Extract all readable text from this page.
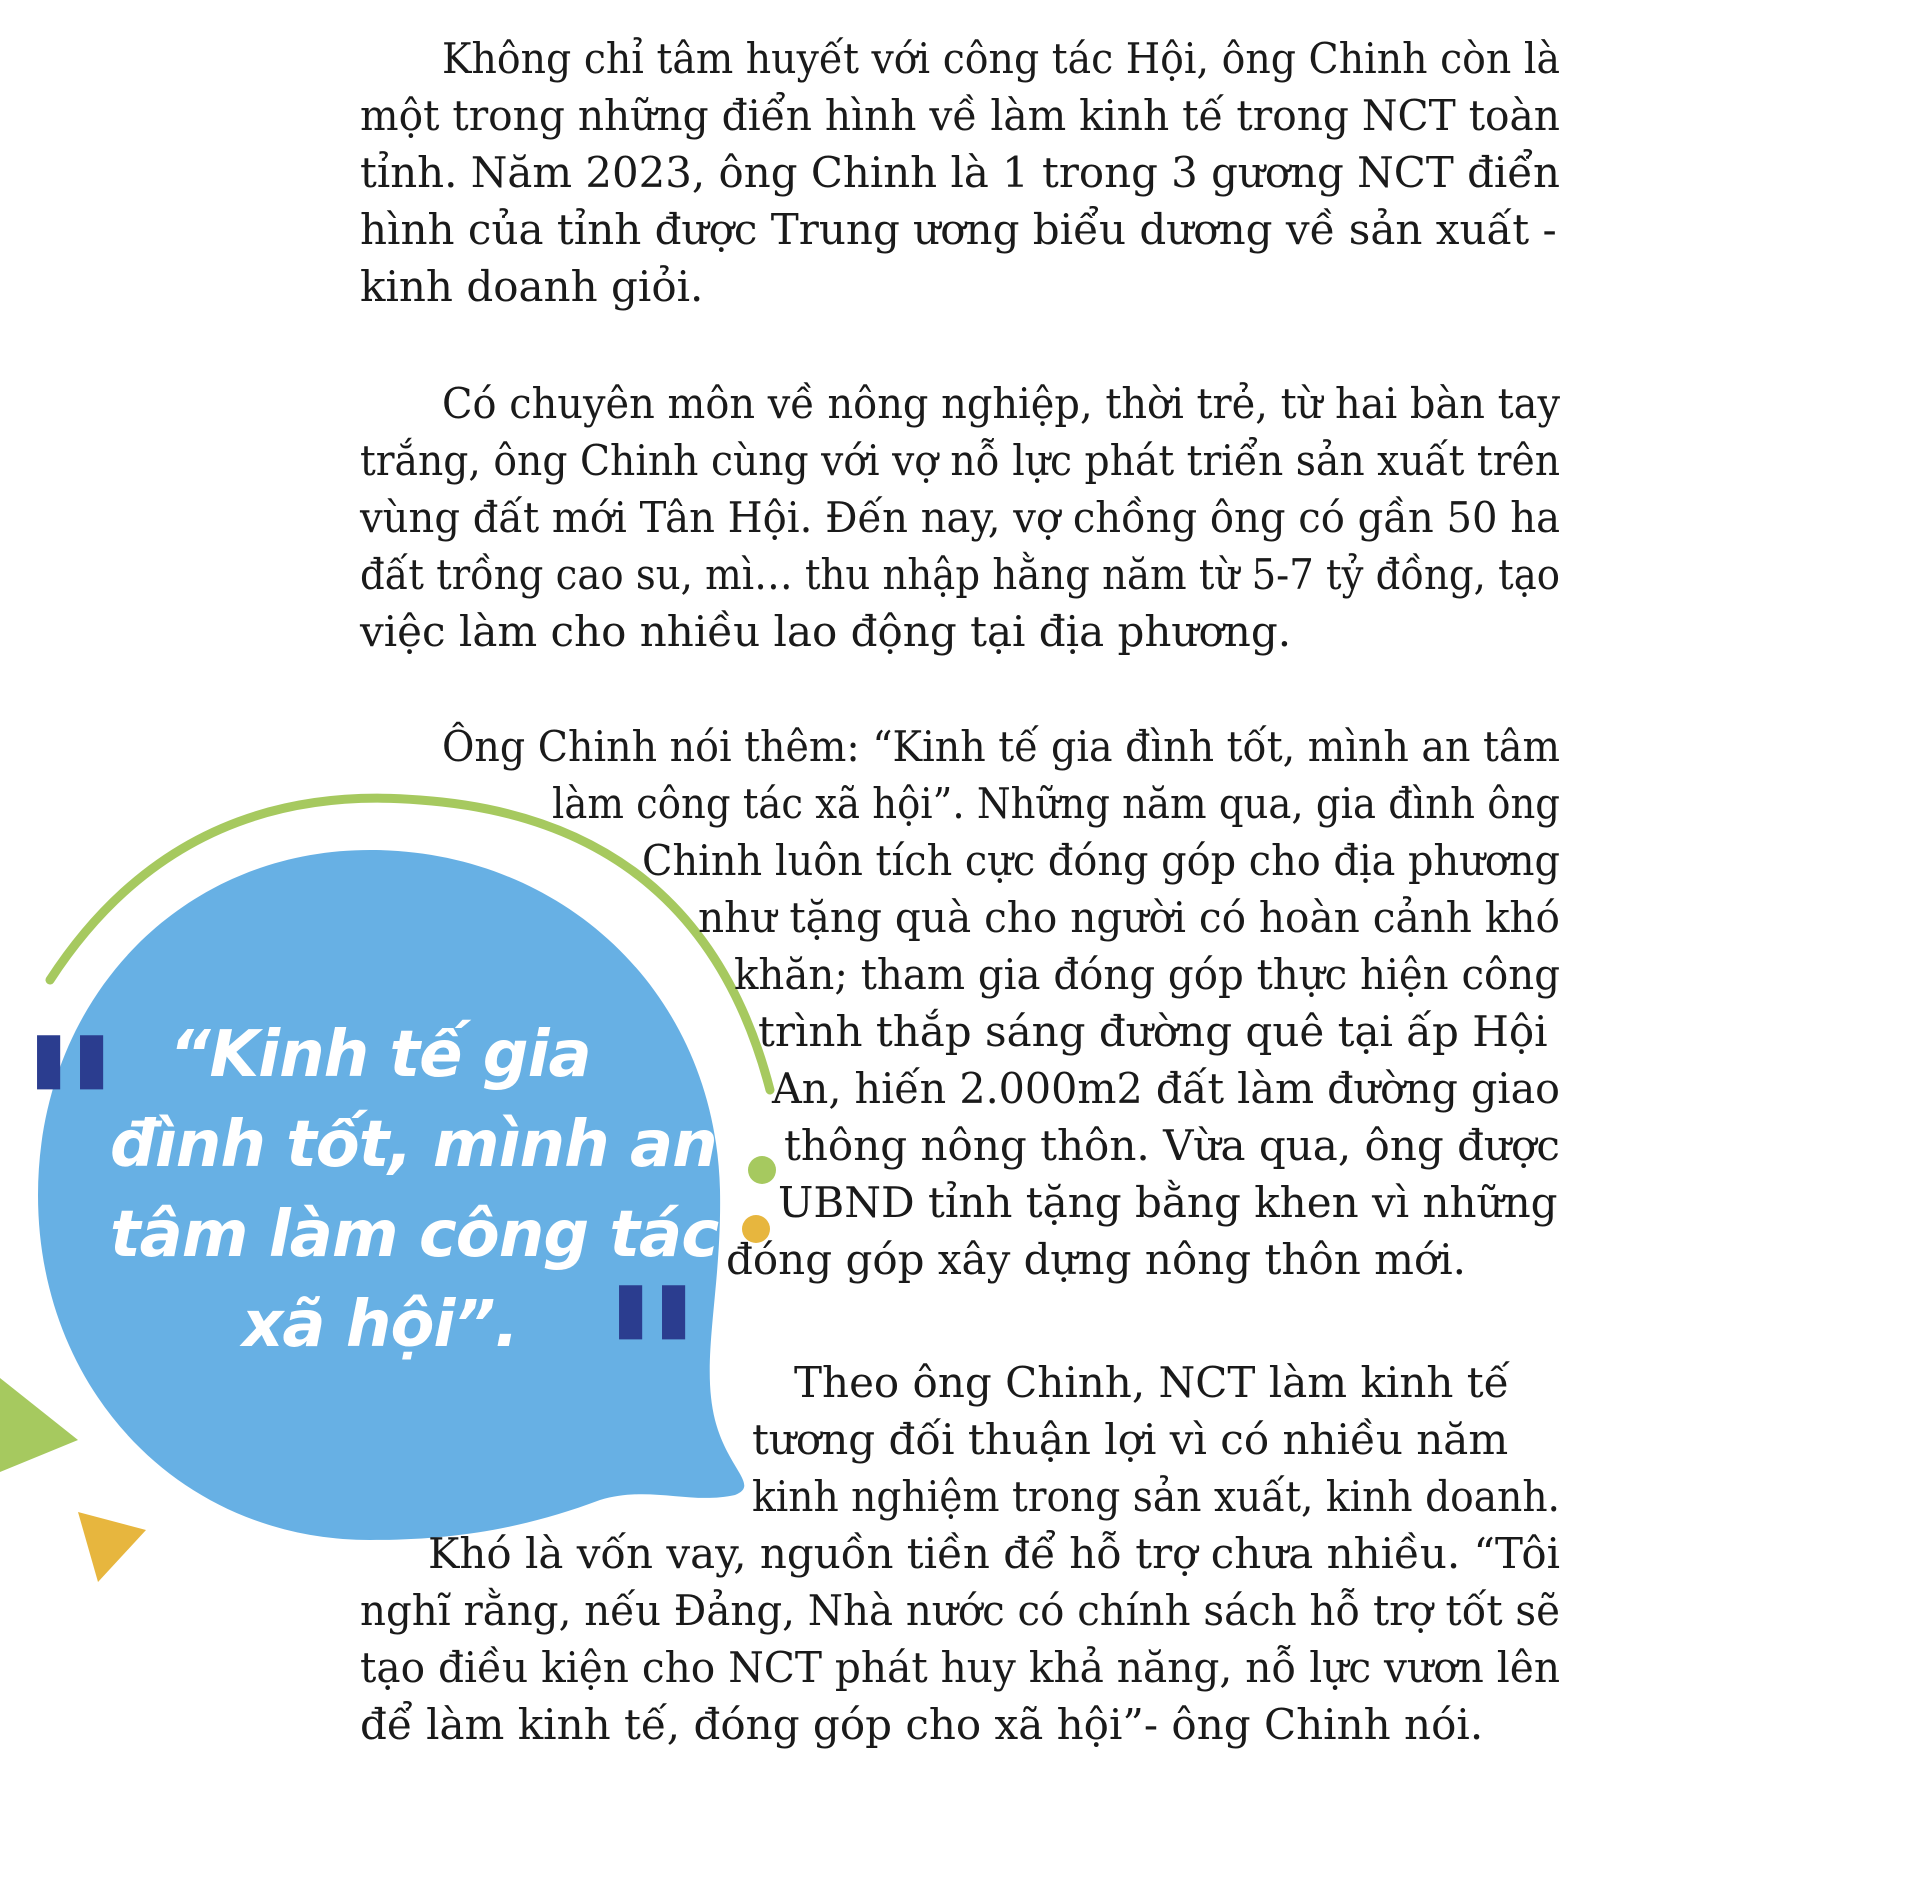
"
"
“Kinh tế gia
đình tốt, mình an
tâm làm công tác
xã hội”.
Không chỉ tâm huyết với công tác Hội, ông Chinh còn là
một trong những điển hình về làm kinh tế trong NCT toàn
tỉnh. Năm 2023, ông Chinh là 1 trong 3 gương NCT điển
hình của tỉnh được Trung ương biểu dương về sản xuất -
kinh doanh giỏi.
Có chuyên môn về nông nghiệp, thời trẻ, từ hai bàn tay
trắng, ông Chinh cùng với vợ nỗ lực phát triển sản xuất trên
vùng đất mới Tân Hội. Đến nay, vợ chồng ông có gần 50 ha
đất trồng cao su, mì… thu nhập hằng năm từ 5-7 tỷ đồng, tạo
việc làm cho nhiều lao động tại địa phương.
Ông Chinh nói thêm: “Kinh tế gia đình tốt, mình an tâm
làm công tác xã hội”. Những năm qua, gia đình ông
Chinh luôn tích cực đóng góp cho địa phương
như tặng quà cho người có hoàn cảnh khó
khăn; tham gia đóng góp thực hiện công
trình thắp sáng đường quê tại ấp Hội
An, hiến 2.000m2 đất làm đường giao
thông nông thôn. Vừa qua, ông được
UBND tỉnh tặng bằng khen vì những
đóng góp xây dựng nông thôn mới.
Theo ông Chinh, NCT làm kinh tế
tương đối thuận lợi vì có nhiều năm
kinh nghiệm trong sản xuất, kinh doanh.
Khó là vốn vay, nguồn tiền để hỗ trợ chưa nhiều. “Tôi
nghĩ rằng, nếu Đảng, Nhà nước có chính sách hỗ trợ tốt sẽ
tạo điều kiện cho NCT phát huy khả năng, nỗ lực vươn lên
để làm kinh tế, đóng góp cho xã hội”- ông Chinh nói.
